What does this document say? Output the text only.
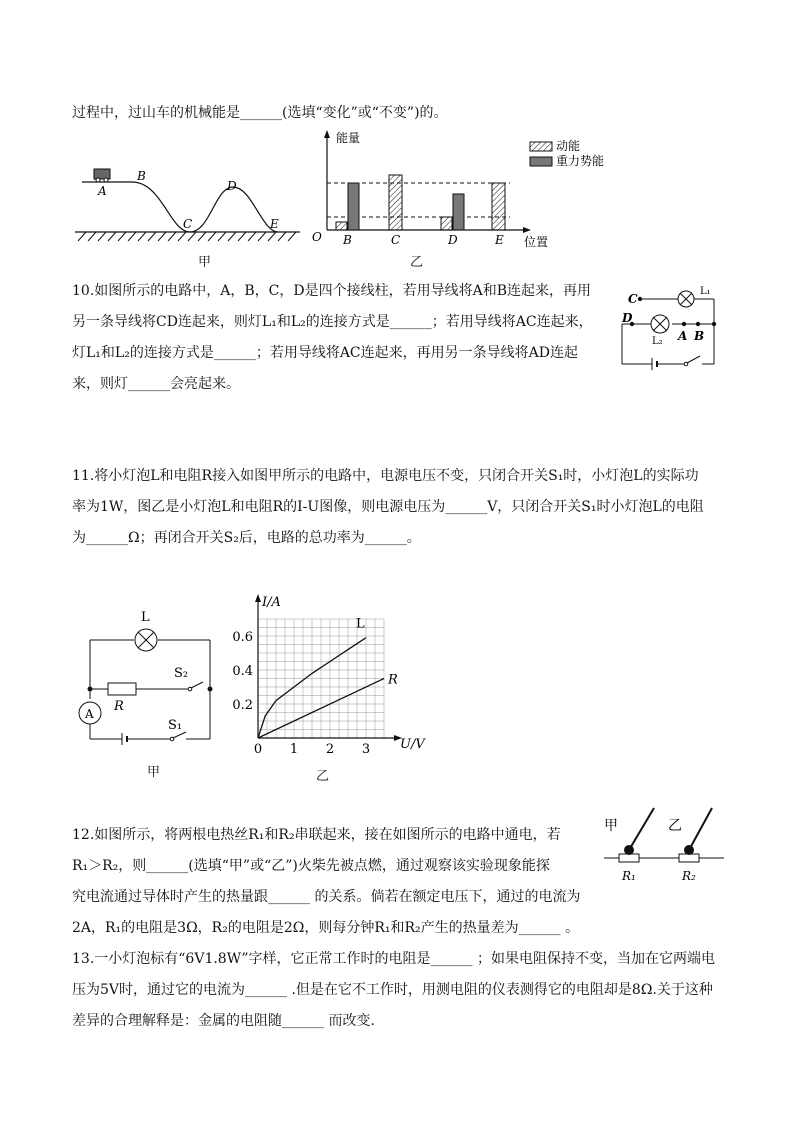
过程中，过山车的机械能是______(选填“变化”或“不变”)的。
A
B
C
D
E
甲
能量
位置
O B	C	D	E
动能
重力势能
乙
10.如图所示的电路中，A，B，C，D是四个接线柱，若用导线将A和B连起来，再用
另一条导线将CD连起来，则灯L₁和L₂的连接方式是______；若用导线将AC连起来，
灯L₁和L₂的连接方式是______；若用导线将AC连起来，再用另一条导线将AD连起
来，则灯______会亮起来。
C
D
L₁
L₂ A B
11.将小灯泡L和电阻R接入如图甲所示的电路中，电源电压不变，只闭合开关S₁时，小灯泡L的实际功
率为1W，图乙是小灯泡L和电阻R的I-U图像，则电源电压为______V，只闭合开关S₁时小灯泡L的电阻
为______Ω；再闭合开关S₂后，电路的总功率为______。
L
R
S₂
S₁
A
甲
I/A
U/V
0 1 2 3
0.2
0.4
0.6
L
R
乙
12.如图所示，将两根电热丝R₁和R₂串联起来，接在如图所示的电路中通电，若
R₁＞R₂，则______(选填“甲”或“乙”)火柴先被点燃，通过观察该实验现象能探
究电流通过导体时产生的热量跟______ 的关系。倘若在额定电压下，通过的电流为
2A，R₁的电阻是3Ω，R₂的电阻是2Ω，则每分钟R₁和R₂产生的热量差为______ 。
甲	乙
R₁	R₂
13.一小灯泡标有“6V1.8W”字样，它正常工作时的电阻是______ ；如果电阻保持不变，当加在它两端电
压为5V时，通过它的电流为______ .但是在它不工作时，用测电阻的仪表测得它的电阻却是8Ω.关于这种
差异的合理解释是：金属的电阻随______ 而改变.
